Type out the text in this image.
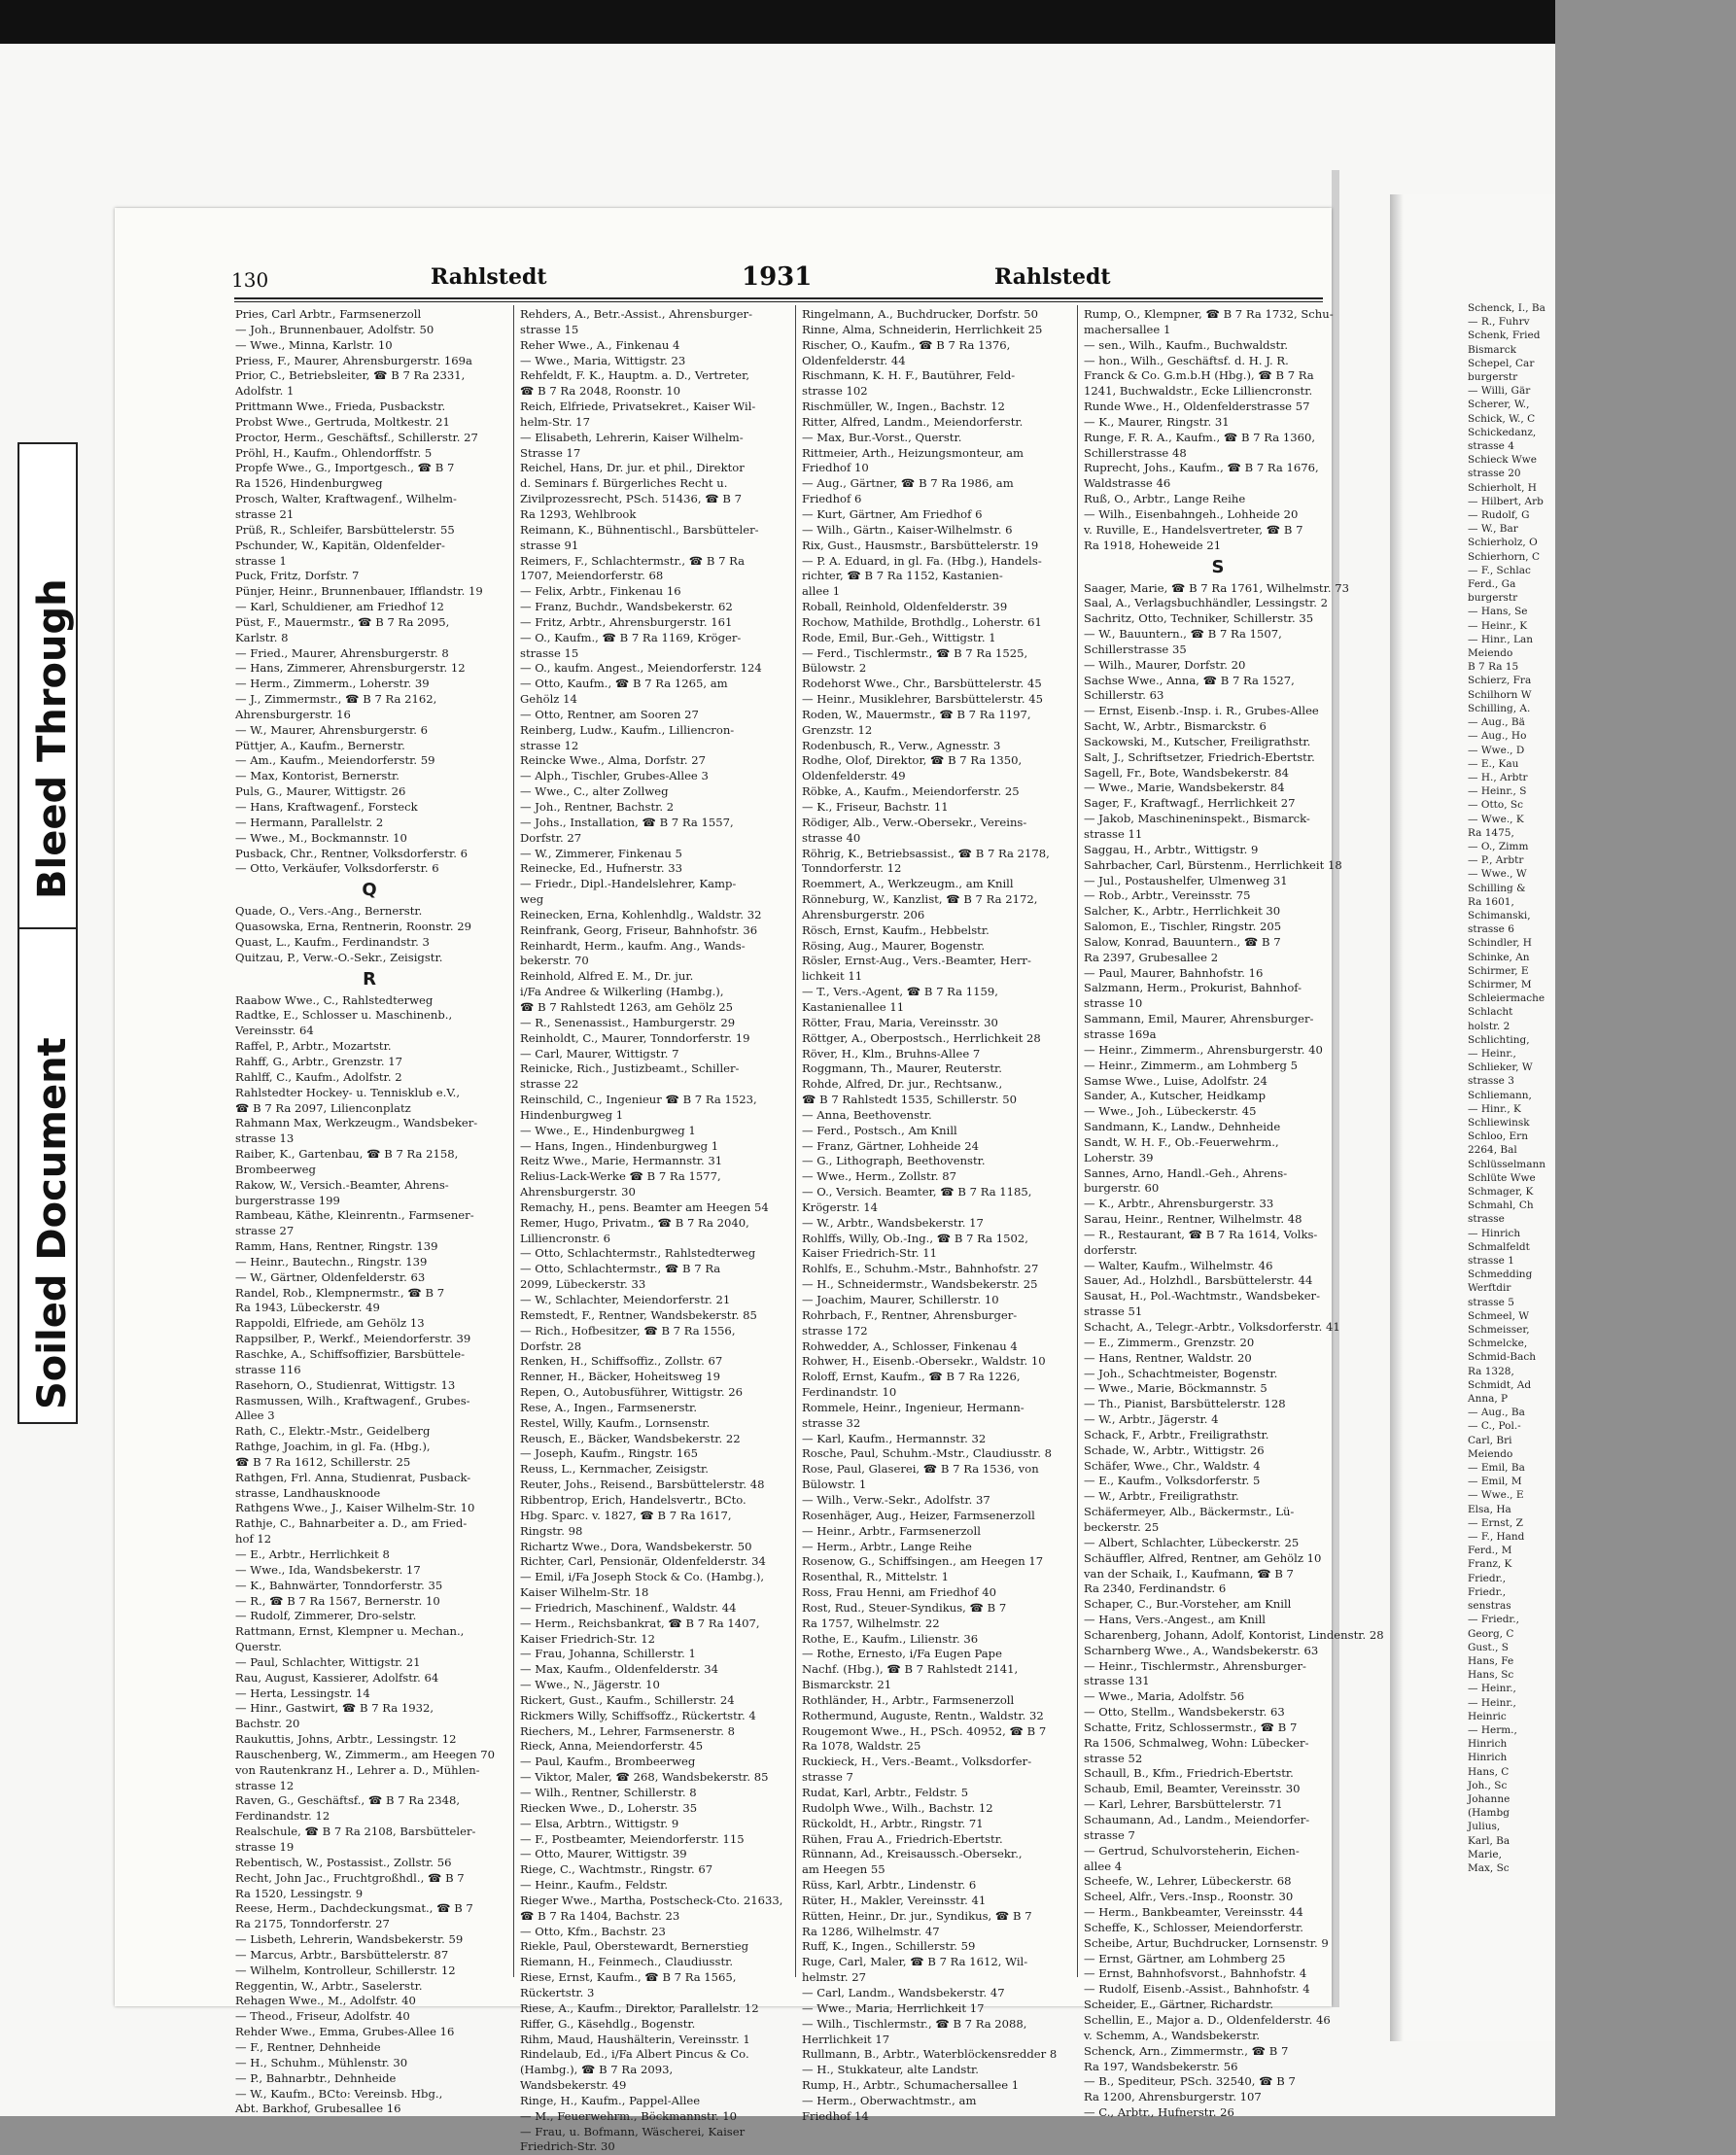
Soiled Document
Bleed Through
Schenck, I., Ba
— R., Fuhrv
Schenk, Fried
Bismarck
Schepel, Car
burgerstr
— Willi, Gär
Scherer, W.,
Schick, W., C
Schickedanz,
strasse 4
Schieck Wwe
strasse 20
Schierholt, H
— Hilbert, Arb
— Rudolf, G
— W., Bar
Schierholz, O
Schierhorn, C
— F., Schlac
Ferd., Ga
burgerstr
— Hans, Se
— Heinr., K
— Hinr., Lan
Meiendo
B 7 Ra 15
Schierz, Fra
Schilhorn W
Schilling, A.
— Aug., Bä
— Aug., Ho
— Wwe., D
— E., Kau
— H., Arbtr
— Heinr., S
— Otto, Sc
— Wwe., K
Ra 1475,
— O., Zimm
— P., Arbtr
— Wwe., W
Schilling &
Ra 1601,
Schimanski,
strasse 6
Schindler, H
Schinke, An
Schirmer, E
Schirmer, M
Schleiermache
Schlacht
holstr. 2
Schlichting,
— Heinr.,
Schlieker, W
strasse 3
Schliemann,
— Hinr., K
Schliewinsk
Schloo, Ern
2264, Bal
Schlüsselmann
Schlüte Wwe
Schmager, K
Schmahl, Ch
strasse
— Hinrich
Schmalfeldt
strasse 1
Schmedding
Werftdir
strasse 5
Schmeel, W
Schmeisser,
Schmelcke,
Schmid-Bach
Ra 1328,
Schmidt, Ad
Anna, P
— Aug., Ba
— C., Pol.-
Carl, Bri
Meiendo
— Emil, Ba
— Emil, M
— Wwe., E
Elsa, Ha
— Ernst, Z
— F., Hand
Ferd., M
Franz, K
Friedr.,
Friedr.,
senstras
— Friedr.,
Georg, C
Gust., S
Hans, Fe
Hans, Sc
— Heinr.,
— Heinr.,
Heinric
— Herm.,
Hinrich
Hinrich
Hans, C
Joh., Sc
Johanne
(Hambg
Julius,
Karl, Ba
Marie,
Max, Sc
130	Rahlstedt	1931	Rahlstedt
Pries, Carl Arbtr., Farmsenerzoll
— Joh., Brunnenbauer, Adolfstr. 50
— Wwe., Minna, Karlstr. 10
Priess, F., Maurer, Ahrensburgerstr. 169a
Prior, C., Betriebsleiter, ☎ B 7 Ra 2331,
Adolfstr. 1
Prittmann Wwe., Frieda, Pusbackstr.
Probst Wwe., Gertruda, Moltkestr. 21
Proctor, Herm., Geschäftsf., Schillerstr. 27
Pröhl, H., Kaufm., Ohlendorffstr. 5
Propfe Wwe., G., Importgesch., ☎ B 7
Ra 1526, Hindenburgweg
Prosch, Walter, Kraftwagenf., Wilhelm-
strasse 21
Prüß, R., Schleifer, Barsbüttelerstr. 55
Pschunder, W., Kapitän, Oldenfelder-
strasse 1
Puck, Fritz, Dorfstr. 7
Pünjer, Heinr., Brunnenbauer, Ifflandstr. 19
— Karl, Schuldiener, am Friedhof 12
Püst, F., Mauermstr., ☎ B 7 Ra 2095,
Karlstr. 8
— Fried., Maurer, Ahrensburgerstr. 8
— Hans, Zimmerer, Ahrensburgerstr. 12
— Herm., Zimmerm., Loherstr. 39
— J., Zimmermstr., ☎ B 7 Ra 2162,
Ahrensburgerstr. 16
— W., Maurer, Ahrensburgerstr. 6
Püttjer, A., Kaufm., Bernerstr.
— Am., Kaufm., Meiendorferstr. 59
— Max, Kontorist, Bernerstr.
Puls, G., Maurer, Wittigstr. 26
— Hans, Kraftwagenf., Forsteck
— Hermann, Parallelstr. 2
— Wwe., M., Bockmannstr. 10
Pusback, Chr., Rentner, Volksdorferstr. 6
— Otto, Verkäufer, Volksdorferstr. 6
Q
Quade, O., Vers.-Ang., Bernerstr.
Quasowska, Erna, Rentnerin, Roonstr. 29
Quast, L., Kaufm., Ferdinandstr. 3
Quitzau, P., Verw.-O.-Sekr., Zeisigstr.
R
Raabow Wwe., C., Rahlstedterweg
Radtke, E., Schlosser u. Maschinenb.,
Vereinsstr. 64
Raffel, P., Arbtr., Mozartstr.
Rahff, G., Arbtr., Grenzstr. 17
Rahlff, C., Kaufm., Adolfstr. 2
Rahlstedter Hockey- u. Tennisklub e.V.,
☎ B 7 Ra 2097, Lilienconplatz
Rahmann Max, Werkzeugm., Wandsbeker-
strasse 13
Raiber, K., Gartenbau, ☎ B 7 Ra 2158,
Brombeerweg
Rakow, W., Versich.-Beamter, Ahrens-
burgerstrasse 199
Rambeau, Käthe, Kleinrentn., Farmsener-
strasse 27
Ramm, Hans, Rentner, Ringstr. 139
— Heinr., Bautechn., Ringstr. 139
— W., Gärtner, Oldenfelderstr. 63
Randel, Rob., Klempnermstr., ☎ B 7
Ra 1943, Lübeckerstr. 49
Rappoldi, Elfriede, am Gehölz 13
Rappsilber, P., Werkf., Meiendorferstr. 39
Raschke, A., Schiffsoffizier, Barsbüttele-
strasse 116
Rasehorn, O., Studienrat, Wittigstr. 13
Rasmussen, Wilh., Kraftwagenf., Grubes-
Allee 3
Rath, C., Elektr.-Mstr., Geidelberg
Rathge, Joachim, in gl. Fa. (Hbg.),
☎ B 7 Ra 1612, Schillerstr. 25
Rathgen, Frl. Anna, Studienrat, Pusback-
strasse, Landhausknoode
Rathgens Wwe., J., Kaiser Wilhelm-Str. 10
Rathje, C., Bahnarbeiter a. D., am Fried-
hof 12
— E., Arbtr., Herrlichkeit 8
— Wwe., Ida, Wandsbekerstr. 17
— K., Bahnwärter, Tonndorferstr. 35
— R., ☎ B 7 Ra 1567, Bernerstr. 10
— Rudolf, Zimmerer, Dro-selstr.
Rattmann, Ernst, Klempner u. Mechan.,
Querstr.
— Paul, Schlachter, Wittigstr. 21
Rau, August, Kassierer, Adolfstr. 64
— Herta, Lessingstr. 14
— Hinr., Gastwirt, ☎ B 7 Ra 1932,
Bachstr. 20
Raukuttis, Johns, Arbtr., Lessingstr. 12
Rauschenberg, W., Zimmerm., am Heegen 70
von Rautenkranz H., Lehrer a. D., Mühlen-
strasse 12
Raven, G., Geschäftsf., ☎ B 7 Ra 2348,
Ferdinandstr. 12
Realschule, ☎ B 7 Ra 2108, Barsbütteler-
strasse 19
Rebentisch, W., Postassist., Zollstr. 56
Recht, John Jac., Fruchtgroßhdl., ☎ B 7
Ra 1520, Lessingstr. 9
Reese, Herm., Dachdeckungsmat., ☎ B 7
Ra 2175, Tonndorferstr. 27
— Lisbeth, Lehrerin, Wandsbekerstr. 59
— Marcus, Arbtr., Barsbüttelerstr. 87
— Wilhelm, Kontrolleur, Schillerstr. 12
Reggentin, W., Arbtr., Saselerstr.
Rehagen Wwe., M., Adolfstr. 40
— Theod., Friseur, Adolfstr. 40
Rehder Wwe., Emma, Grubes-Allee 16
— F., Rentner, Dehnheide
— H., Schuhm., Mühlenstr. 30
— P., Bahnarbtr., Dehnheide
— W., Kaufm., BCto: Vereinsb. Hbg.,
Abt. Barkhof, Grubesallee 16
Rehders, A., Betr.-Assist., Ahrensburger-
strasse 15
Reher Wwe., A., Finkenau 4
— Wwe., Maria, Wittigstr. 23
Rehfeldt, F. K., Hauptm. a. D., Vertreter,
☎ B 7 Ra 2048, Roonstr. 10
Reich, Elfriede, Privatsekret., Kaiser Wil-
helm-Str. 17
— Elisabeth, Lehrerin, Kaiser Wilhelm-
Strasse 17
Reichel, Hans, Dr. jur. et phil., Direktor
d. Seminars f. Bürgerliches Recht u.
Zivilprozessrecht, PSch. 51436, ☎ B 7
Ra 1293, Wehlbrook
Reimann, K., Bühnentischl., Barsbütteler-
strasse 91
Reimers, F., Schlachtermstr., ☎ B 7 Ra
1707, Meiendorferstr. 68
— Felix, Arbtr., Finkenau 16
— Franz, Buchdr., Wandsbekerstr. 62
— Fritz, Arbtr., Ahrensburgerstr. 161
— O., Kaufm., ☎ B 7 Ra 1169, Kröger-
strasse 15
— O., kaufm. Angest., Meiendorferstr. 124
— Otto, Kaufm., ☎ B 7 Ra 1265, am
Gehölz 14
— Otto, Rentner, am Sooren 27
Reinberg, Ludw., Kaufm., Lilliencron-
strasse 12
Reincke Wwe., Alma, Dorfstr. 27
— Alph., Tischler, Grubes-Allee 3
— Wwe., C., alter Zollweg
— Joh., Rentner, Bachstr. 2
— Johs., Installation, ☎ B 7 Ra 1557,
Dorfstr. 27
— W., Zimmerer, Finkenau 5
Reinecke, Ed., Hufnerstr. 33
— Friedr., Dipl.-Handelslehrer, Kamp-
weg
Reinecken, Erna, Kohlenhdlg., Waldstr. 32
Reinfrank, Georg, Friseur, Bahnhofstr. 36
Reinhardt, Herm., kaufm. Ang., Wands-
bekerstr. 70
Reinhold, Alfred E. M., Dr. jur.
i/Fa Andree & Wilkerling (Hambg.),
☎ B 7 Rahlstedt 1263, am Gehölz 25
— R., Senenassist., Hamburgerstr. 29
Reinholdt, C., Maurer, Tonndorferstr. 19
— Carl, Maurer, Wittigstr. 7
Reinicke, Rich., Justizbeamt., Schiller-
strasse 22
Reinschild, C., Ingenieur ☎ B 7 Ra 1523,
Hindenburgweg 1
— Wwe., E., Hindenburgweg 1
— Hans, Ingen., Hindenburgweg 1
Reitz Wwe., Marie, Hermannstr. 31
Relius-Lack-Werke ☎ B 7 Ra 1577,
Ahrensburgerstr. 30
Remachy, H., pens. Beamter am Heegen 54
Remer, Hugo, Privatm., ☎ B 7 Ra 2040,
Lilliencronstr. 6
— Otto, Schlachtermstr., Rahlstedterweg
— Otto, Schlachtermstr., ☎ B 7 Ra
2099, Lübeckerstr. 33
— W., Schlachter, Meiendorferstr. 21
Remstedt, F., Rentner, Wandsbekerstr. 85
— Rich., Hofbesitzer, ☎ B 7 Ra 1556,
Dorfstr. 28
Renken, H., Schiffsoffiz., Zollstr. 67
Renner, H., Bäcker, Hoheitsweg 19
Repen, O., Autobusführer, Wittigstr. 26
Rese, A., Ingen., Farmsenerstr.
Restel, Willy, Kaufm., Lornsenstr.
Reusch, E., Bäcker, Wandsbekerstr. 22
— Joseph, Kaufm., Ringstr. 165
Reuss, L., Kernmacher, Zeisigstr.
Reuter, Johs., Reisend., Barsbüttelerstr. 48
Ribbentrop, Erich, Handelsvertr., BCto.
Hbg. Sparc. v. 1827, ☎ B 7 Ra 1617,
Ringstr. 98
Richartz Wwe., Dora, Wandsbekerstr. 50
Richter, Carl, Pensionär, Oldenfelderstr. 34
— Emil, i/Fa Joseph Stock & Co. (Hambg.),
Kaiser Wilhelm-Str. 18
— Friedrich, Maschinenf., Waldstr. 44
— Herm., Reichsbankrat, ☎ B 7 Ra 1407,
Kaiser Friedrich-Str. 12
— Frau, Johanna, Schillerstr. 1
— Max, Kaufm., Oldenfelderstr. 34
— Wwe., N., Jägerstr. 10
Rickert, Gust., Kaufm., Schillerstr. 24
Rickmers Willy, Schiffsoffz., Rückertstr. 4
Riechers, M., Lehrer, Farmsenerstr. 8
Rieck, Anna, Meiendorferstr. 45
— Paul, Kaufm., Brombeerweg
— Viktor, Maler, ☎ 268, Wandsbekerstr. 85
— Wilh., Rentner, Schillerstr. 8
Riecken Wwe., D., Loherstr. 35
— Elsa, Arbtrn., Wittigstr. 9
— F., Postbeamter, Meiendorferstr. 115
— Otto, Maurer, Wittigstr. 39
Riege, C., Wachtmstr., Ringstr. 67
— Heinr., Kaufm., Feldstr.
Rieger Wwe., Martha, Postscheck-Cto. 21633,
☎ B 7 Ra 1404, Bachstr. 23
— Otto, Kfm., Bachstr. 23
Riekle, Paul, Oberstewardt, Bernerstieg
Riemann, H., Feinmech., Claudiusstr.
Riese, Ernst, Kaufm., ☎ B 7 Ra 1565,
Rückertstr. 3
Riese, A., Kaufm., Direktor, Parallelstr. 12
Riffer, G., Käsehdlg., Bogenstr.
Rihm, Maud, Haushälterin, Vereinsstr. 1
Rindelaub, Ed., i/Fa Albert Pincus & Co.
(Hambg.), ☎ B 7 Ra 2093,
Wandsbekerstr. 49
Ringe, H., Kaufm., Pappel-Allee
— M., Feuerwehrm., Böckmannstr. 10
— Frau, u. Bofmann, Wäscherei, Kaiser
Friedrich-Str. 30
Ringelmann, A., Buchdrucker, Dorfstr. 50
Rinne, Alma, Schneiderin, Herrlichkeit 25
Rischer, O., Kaufm., ☎ B 7 Ra 1376,
Oldenfelderstr. 44
Rischmann, K. H. F., Bautührer, Feld-
strasse 102
Rischmüller, W., Ingen., Bachstr. 12
Ritter, Alfred, Landm., Meiendorferstr.
— Max, Bur.-Vorst., Querstr.
Rittmeier, Arth., Heizungsmonteur, am
Friedhof 10
— Aug., Gärtner, ☎ B 7 Ra 1986, am
Friedhof 6
— Kurt, Gärtner, Am Friedhof 6
— Wilh., Gärtn., Kaiser-Wilhelmstr. 6
Rix, Gust., Hausmstr., Barsbüttelerstr. 19
— P. A. Eduard, in gl. Fa. (Hbg.), Handels-
richter, ☎ B 7 Ra 1152, Kastanien-
allee 1
Roball, Reinhold, Oldenfelderstr. 39
Rochow, Mathilde, Brothdlg., Loherstr. 61
Rode, Emil, Bur.-Geh., Wittigstr. 1
— Ferd., Tischlermstr., ☎ B 7 Ra 1525,
Bülowstr. 2
Rodehorst Wwe., Chr., Barsbüttelerstr. 45
— Heinr., Musiklehrer, Barsbüttelerstr. 45
Roden, W., Mauermstr., ☎ B 7 Ra 1197,
Grenzstr. 12
Rodenbusch, R., Verw., Agnesstr. 3
Rodhe, Olof, Direktor, ☎ B 7 Ra 1350,
Oldenfelderstr. 49
Röbke, A., Kaufm., Meiendorferstr. 25
— K., Friseur, Bachstr. 11
Rödiger, Alb., Verw.-Obersekr., Vereins-
strasse 40
Röhrig, K., Betriebsassist., ☎ B 7 Ra 2178,
Tonndorferstr. 12
Roemmert, A., Werkzeugm., am Knill
Rönneburg, W., Kanzlist, ☎ B 7 Ra 2172,
Ahrensburgerstr. 206
Rösch, Ernst, Kaufm., Hebbelstr.
Rösing, Aug., Maurer, Bogenstr.
Rösler, Ernst-Aug., Vers.-Beamter, Herr-
lichkeit 11
— T., Vers.-Agent, ☎ B 7 Ra 1159,
Kastanienallee 11
Rötter, Frau, Maria, Vereinsstr. 30
Röttger, A., Oberpostsch., Herrlichkeit 28
Röver, H., Klm., Bruhns-Allee 7
Roggmann, Th., Maurer, Reuterstr.
Rohde, Alfred, Dr. jur., Rechtsanw.,
☎ B 7 Rahlstedt 1535, Schillerstr. 50
— Anna, Beethovenstr.
— Ferd., Postsch., Am Knill
— Franz, Gärtner, Lohheide 24
— G., Lithograph, Beethovenstr.
— Wwe., Herm., Zollstr. 87
— O., Versich. Beamter, ☎ B 7 Ra 1185,
Krögerstr. 14
— W., Arbtr., Wandsbekerstr. 17
Rohlffs, Willy, Ob.-Ing., ☎ B 7 Ra 1502,
Kaiser Friedrich-Str. 11
Rohlfs, E., Schuhm.-Mstr., Bahnhofstr. 27
— H., Schneidermstr., Wandsbekerstr. 25
— Joachim, Maurer, Schillerstr. 10
Rohrbach, F., Rentner, Ahrensburger-
strasse 172
Rohwedder, A., Schlosser, Finkenau 4
Rohwer, H., Eisenb.-Obersekr., Waldstr. 10
Roloff, Ernst, Kaufm., ☎ B 7 Ra 1226,
Ferdinandstr. 10
Rommele, Heinr., Ingenieur, Hermann-
strasse 32
— Karl, Kaufm., Hermannstr. 32
Rosche, Paul, Schuhm.-Mstr., Claudiusstr. 8
Rose, Paul, Glaserei, ☎ B 7 Ra 1536, von
Bülowstr. 1
— Wilh., Verw.-Sekr., Adolfstr. 37
Rosenhäger, Aug., Heizer, Farmsenerzoll
— Heinr., Arbtr., Farmsenerzoll
— Herm., Arbtr., Lange Reihe
Rosenow, G., Schiffsingen., am Heegen 17
Rosenthal, R., Mittelstr. 1
Ross, Frau Henni, am Friedhof 40
Rost, Rud., Steuer-Syndikus, ☎ B 7
Ra 1757, Wilhelmstr. 22
Rothe, E., Kaufm., Lilienstr. 36
— Rothe, Ernesto, i/Fa Eugen Pape
Nachf. (Hbg.), ☎ B 7 Rahlstedt 2141,
Bismarckstr. 21
Rothländer, H., Arbtr., Farmsenerzoll
Rothermund, Auguste, Rentn., Waldstr. 32
Rougemont Wwe., H., PSch. 40952, ☎ B 7
Ra 1078, Waldstr. 25
Ruckieck, H., Vers.-Beamt., Volksdorfer-
strasse 7
Rudat, Karl, Arbtr., Feldstr. 5
Rudolph Wwe., Wilh., Bachstr. 12
Rückoldt, H., Arbtr., Ringstr. 71
Rühen, Frau A., Friedrich-Ebertstr.
Rünnann, Ad., Kreisaussch.-Obersekr.,
am Heegen 55
Rüss, Karl, Arbtr., Lindenstr. 6
Rüter, H., Makler, Vereinsstr. 41
Rütten, Heinr., Dr. jur., Syndikus, ☎ B 7
Ra 1286, Wilhelmstr. 47
Ruff, K., Ingen., Schillerstr. 59
Ruge, Carl, Maler, ☎ B 7 Ra 1612, Wil-
helmstr. 27
— Carl, Landm., Wandsbekerstr. 47
— Wwe., Maria, Herrlichkeit 17
— Wilh., Tischlermstr., ☎ B 7 Ra 2088,
Herrlichkeit 17
Rullmann, B., Arbtr., Waterblöckensredder 8
— H., Stukkateur, alte Landstr.
Rump, H., Arbtr., Schumachersallee 1
— Herm., Oberwachtmstr., am
Friedhof 14
Rump, O., Klempner, ☎ B 7 Ra 1732, Schu-
machersallee 1
— sen., Wilh., Kaufm., Buchwaldstr.
— hon., Wilh., Geschäftsf. d. H. J. R.
Franck & Co. G.m.b.H (Hbg.), ☎ B 7 Ra
1241, Buchwaldstr., Ecke Lilliencronstr.
Runde Wwe., H., Oldenfelderstrasse 57
— K., Maurer, Ringstr. 31
Runge, F. R. A., Kaufm., ☎ B 7 Ra 1360,
Schillerstrasse 48
Ruprecht, Johs., Kaufm., ☎ B 7 Ra 1676,
Waldstrasse 46
Ruß, O., Arbtr., Lange Reihe
— Wilh., Eisenbahngeh., Lohheide 20
v. Ruville, E., Handelsvertreter, ☎ B 7
Ra 1918, Hoheweide 21
S
Saager, Marie, ☎ B 7 Ra 1761, Wilhelmstr. 73
Saal, A., Verlagsbuchhändler, Lessingstr. 2
Sachritz, Otto, Techniker, Schillerstr. 35
— W., Bauuntern., ☎ B 7 Ra 1507,
Schillerstrasse 35
— Wilh., Maurer, Dorfstr. 20
Sachse Wwe., Anna, ☎ B 7 Ra 1527,
Schillerstr. 63
— Ernst, Eisenb.-Insp. i. R., Grubes-Allee
Sacht, W., Arbtr., Bismarckstr. 6
Sackowski, M., Kutscher, Freiligrathstr.
Salt, J., Schriftsetzer, Friedrich-Ebertstr.
Sagell, Fr., Bote, Wandsbekerstr. 84
— Wwe., Marie, Wandsbekerstr. 84
Sager, F., Kraftwagf., Herrlichkeit 27
— Jakob, Maschineninspekt., Bismarck-
strasse 11
Saggau, H., Arbtr., Wittigstr. 9
Sahrbacher, Carl, Bürstenm., Herrlichkeit 18
— Jul., Postaushelfer, Ulmenweg 31
— Rob., Arbtr., Vereinsstr. 75
Salcher, K., Arbtr., Herrlichkeit 30
Salomon, E., Tischler, Ringstr. 205
Salow, Konrad, Bauuntern., ☎ B 7
Ra 2397, Grubesallee 2
— Paul, Maurer, Bahnhofstr. 16
Salzmann, Herm., Prokurist, Bahnhof-
strasse 10
Sammann, Emil, Maurer, Ahrensburger-
strasse 169a
— Heinr., Zimmerm., Ahrensburgerstr. 40
— Heinr., Zimmerm., am Lohmberg 5
Samse Wwe., Luise, Adolfstr. 24
Sander, A., Kutscher, Heidkamp
— Wwe., Joh., Lübeckerstr. 45
Sandmann, K., Landw., Dehnheide
Sandt, W. H. F., Ob.-Feuerwehrm.,
Loherstr. 39
Sannes, Arno, Handl.-Geh., Ahrens-
burgerstr. 60
— K., Arbtr., Ahrensburgerstr. 33
Sarau, Heinr., Rentner, Wilhelmstr. 48
— R., Restaurant, ☎ B 7 Ra 1614, Volks-
dorferstr.
— Walter, Kaufm., Wilhelmstr. 46
Sauer, Ad., Holzhdl., Barsbüttelerstr. 44
Sausat, H., Pol.-Wachtmstr., Wandsbeker-
strasse 51
Schacht, A., Telegr.-Arbtr., Volksdorferstr. 41
— E., Zimmerm., Grenzstr. 20
— Hans, Rentner, Waldstr. 20
— Joh., Schachtmeister, Bogenstr.
— Wwe., Marie, Böckmannstr. 5
— Th., Pianist, Barsbüttelerstr. 128
— W., Arbtr., Jägerstr. 4
Schack, F., Arbtr., Freiligrathstr.
Schade, W., Arbtr., Wittigstr. 26
Schäfer, Wwe., Chr., Waldstr. 4
— E., Kaufm., Volksdorferstr. 5
— W., Arbtr., Freiligrathstr.
Schäfermeyer, Alb., Bäckermstr., Lü-
beckerstr. 25
— Albert, Schlachter, Lübeckerstr. 25
Schäuffler, Alfred, Rentner, am Gehölz 10
van der Schaik, I., Kaufmann, ☎ B 7
Ra 2340, Ferdinandstr. 6
Schaper, C., Bur.-Vorsteher, am Knill
— Hans, Vers.-Angest., am Knill
Scharenberg, Johann, Adolf, Kontorist, Lindenstr. 28
Scharnberg Wwe., A., Wandsbekerstr. 63
— Heinr., Tischlermstr., Ahrensburger-
strasse 131
— Wwe., Maria, Adolfstr. 56
— Otto, Stellm., Wandsbekerstr. 63
Schatte, Fritz, Schlossermstr., ☎ B 7
Ra 1506, Schmalweg, Wohn: Lübecker-
strasse 52
Schaull, B., Kfm., Friedrich-Ebertstr.
Schaub, Emil, Beamter, Vereinsstr. 30
— Karl, Lehrer, Barsbüttelerstr. 71
Schaumann, Ad., Landm., Meiendorfer-
strasse 7
— Gertrud, Schulvorsteherin, Eichen-
allee 4
Scheefe, W., Lehrer, Lübeckerstr. 68
Scheel, Alfr., Vers.-Insp., Roonstr. 30
— Herm., Bankbeamter, Vereinsstr. 44
Scheffe, K., Schlosser, Meiendorferstr.
Scheibe, Artur, Buchdrucker, Lornsenstr. 9
— Ernst, Gärtner, am Lohmberg 25
— Ernst, Bahnhofsvorst., Bahnhofstr. 4
— Rudolf, Eisenb.-Assist., Bahnhofstr. 4
Scheider, E., Gärtner, Richardstr.
Schellin, E., Major a. D., Oldenfelderstr. 46
v. Schemm, A., Wandsbekerstr.
Schenck, Arn., Zimmermstr., ☎ B 7
Ra 197, Wandsbekerstr. 56
— B., Spediteur, PSch. 32540, ☎ B 7
Ra 1200, Ahrensburgerstr. 107
— C., Arbtr., Hufnerstr. 26
